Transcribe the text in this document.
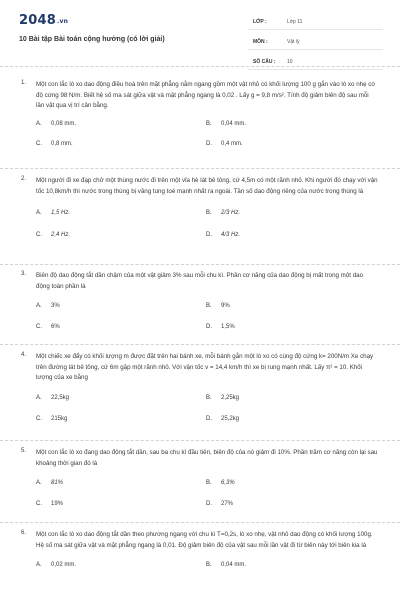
2048.vn
10 Bài tập Bài toán cộng hưởng (có lời giải)
LỚP :	Lớp 11
MÔN :	Vật lý
SỐ CÂU :	10
1.	Một con lắc lò xo dao động điều hoà trên mặt phẳng nằm ngang gồm một vật nhỏ có khối lượng 100 g gắn vào lò xo nhẹ có độ cứng 98 N/m. Biết hệ số ma sát giữa vật và mặt phẳng ngang là 0,02 . Lấy g = 9,8 m/s². Tính độ giảm biên độ sau mỗi lần vật qua vị trí cân bằng.
A.	0,08 mm.	B.	0,04 mm.
C.	0,8 mm.	D.	0,4 mm.
2.	Một người đi xe đạp chở một thùng nước đi trên một vỉa hè lát bê tông, cứ 4,5m có một rãnh nhỏ. Khi người đó chạy với vận tốc 10,8km/h thì nước trong thùng bị văng tung toé mạnh nhất ra ngoài. Tần số dao động riêng của nước trong thùng là
A.	1,5 Hz.	B.	2/3 Hz.
C.	2,4 Hz.	D.	4/3 Hz.
3.	Biên độ dao động tắt dần chậm của một vật giảm 3% sau mỗi chu kì. Phần cơ năng của dao động bị mất trong một dao động toàn phần là
A.	3%	B.	9%
C.	6%	D.	1,5%
4.	Một chiếc xe đẩy có khối lượng m được đặt trên hai bánh xe, mỗi bánh gắn một lò xo có cùng độ cứng k= 200N/m Xe chạy trên đường lát bê tông, cứ 6m gặp một rãnh nhỏ. Với vận tốc v = 14,4 km/h thì xe bị rung mạnh nhất. Lấy π² = 10. Khối lượng của xe bằng
A.	22,5kg	B.	2,25kg
C.	215kg	D.	25,2kg
5.	Một con lắc lò xo đang dao động tắt dần, sau ba chu kì đầu tiên, biên độ của nó giảm đi 10%. Phần trăm cơ năng còn lại sau khoảng thời gian đó là
A.	81%	B.	6,3%
C.	19%	D.	27%
6.	Một con lắc lò xo dao động tắt dần theo phương ngang với chu kì T=0,2s, lò xo nhẹ, vật nhỏ dao động có khối lượng 100g. Hệ số ma sát giữa vật và mặt phẳng ngang là 0,01. Độ giảm biên độ của vật sau mỗi lần vật đi từ biên này tới biên kia là
A.	0,02 mm.	B.	0,04 mm.
